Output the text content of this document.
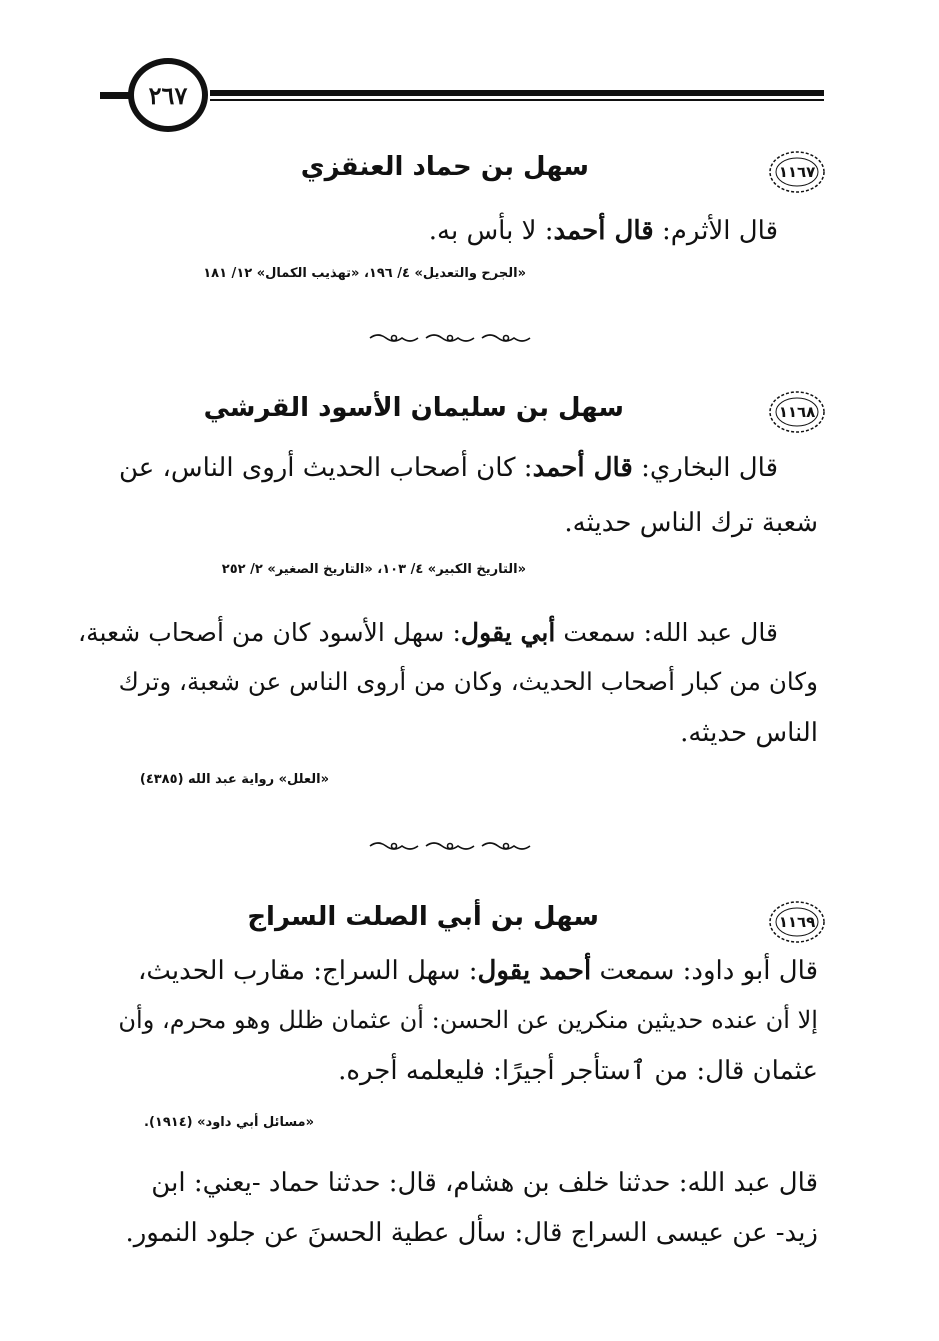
٢٦٧
١١٦٧
سهل بن حماد العنقزي
قال الأثرم: قال أحمد: لا بأس به.
«الجرح والتعديل» ٤/ ١٩٦، «تهذيب الكمال» ١٢/ ١٨١
١١٦٨
سهل بن سليمان الأسود القرشي
قال البخاري: قال أحمد: كان أصحاب الحديث أروى الناس، عن
شعبة ترك الناس حديثه.
«التاريخ الكبير» ٤/ ١٠٣، «التاريخ الصغير» ٢/ ٢٥٢
قال عبد الله: سمعت أبي يقول: سهل الأسود كان من أصحاب شعبة،
وكان من كبار أصحاب الحديث، وكان من أروى الناس عن شعبة، وترك
الناس حديثه.
«العلل» رواية عبد الله (٤٣٨٥)
١١٦٩
سهل بن أبي الصلت السراج
قال أبو داود: سمعت أحمد يقول: سهل السراج: مقارب الحديث،
إلا أن عنده حديثين منكرين عن الحسن: أن عثمان ظلل وهو محرم، وأن
عثمان قال: من ٱستأجر أجيرًا: فليعلمه أجره.
«مسائل أبي داود» (١٩١٤).
قال عبد الله: حدثنا خلف بن هشام، قال: حدثنا حماد -يعني: ابن
زيد- عن عيسى السراج قال: سأل عطية الحسنَ عن جلود النمور.
